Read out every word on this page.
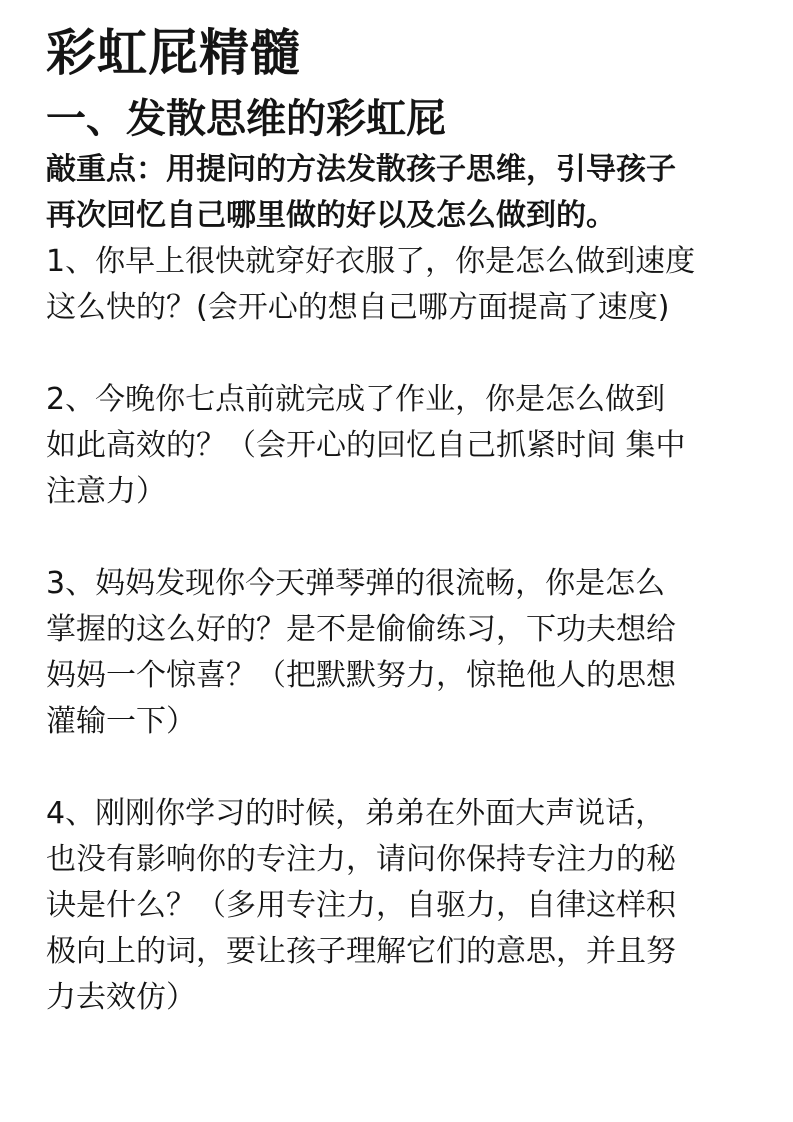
彩虹屁精髓
一、发散思维的彩虹屁

敲重点：用提问的方法发散孩子思维，引导孩子

再次回忆自己哪里做的好以及怎么做到的。

1、你早上很快就穿好衣服了，你是怎么做到速度

这么快的？(会开心的想自己哪方面提高了速度)

2、今晚你七点前就完成了作业，你是怎么做到

如此高效的？（会开心的回忆自己抓紧时间 集中

注意力）

3、妈妈发现你今天弹琴弹的很流畅，你是怎么

掌握的这么好的？是不是偷偷练习，下功夫想给

妈妈一个惊喜？（把默默努力，惊艳他人的思想

灌输一下）

4、刚刚你学习的时候，弟弟在外面大声说话，

也没有影响你的专注力，请问你保持专注力的秘

诀是什么？（多用专注力，自驱力，自律这样积

极向上的词，要让孩子理解它们的意思，并且努

力去效仿）
